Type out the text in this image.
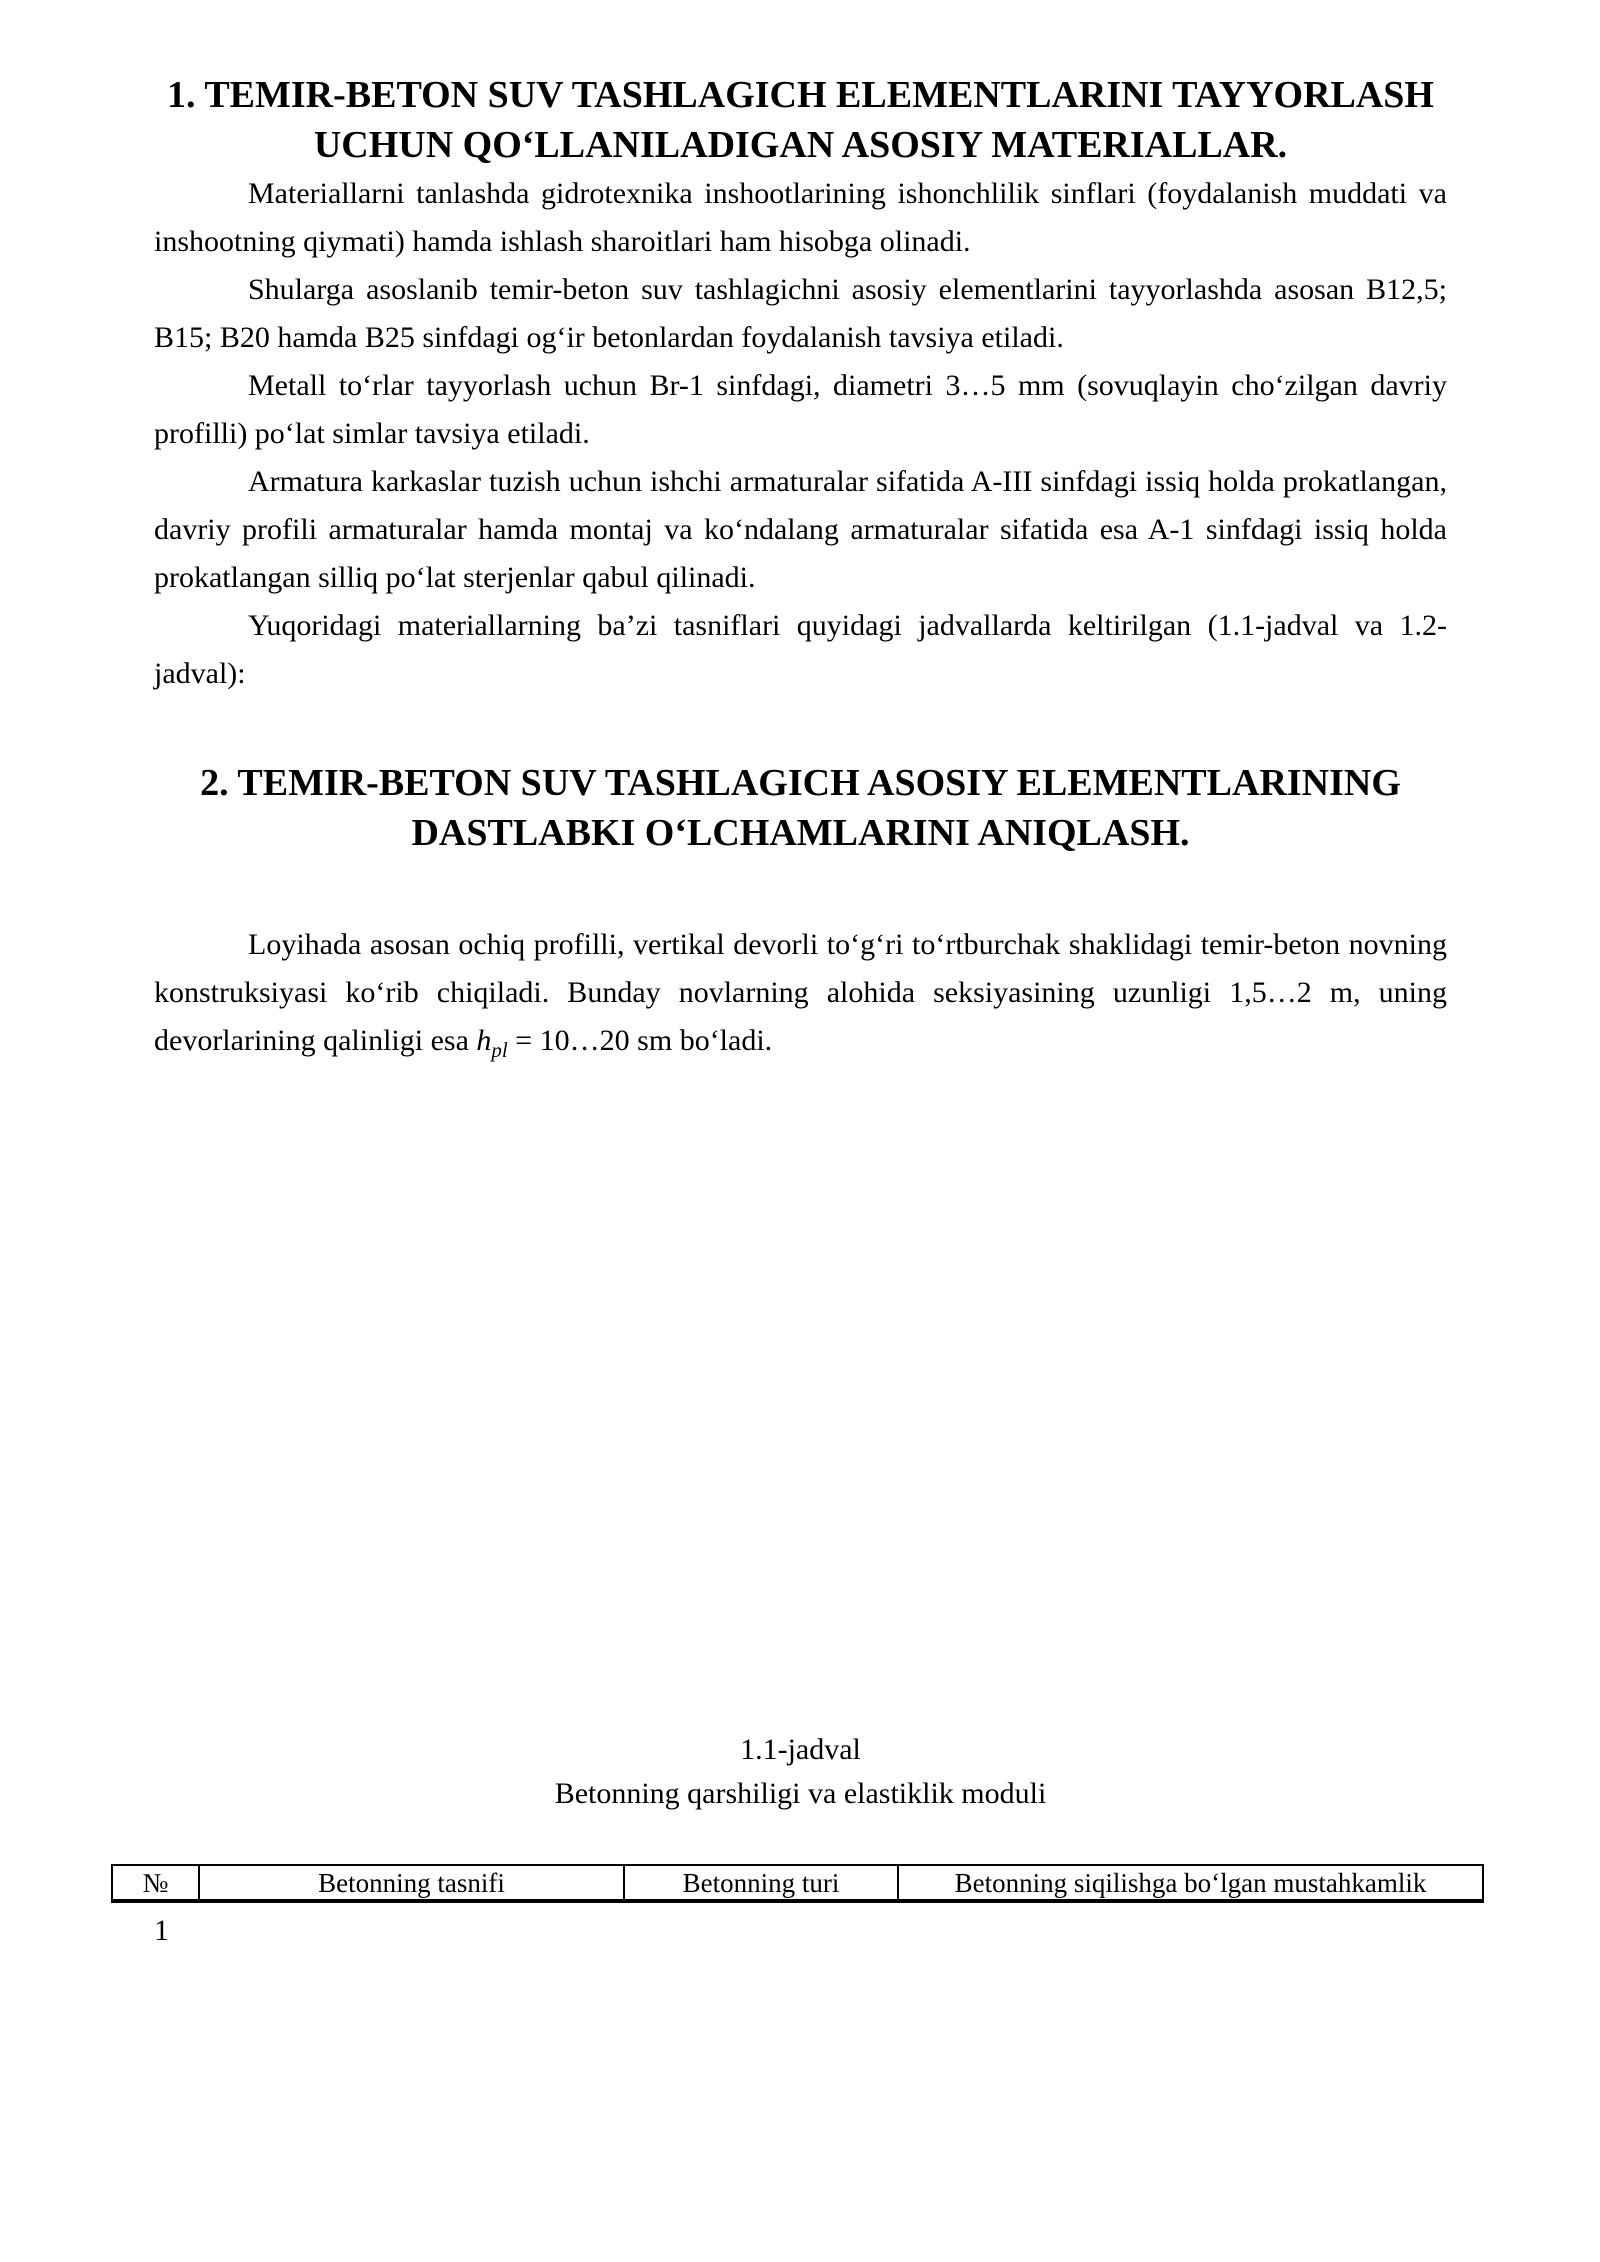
1. TEMIR-BETON SUV TASHLAGICH ELEMENTLARINI TAYYORLASH
UCHUN QO‘LLANILADIGAN ASOSIY MATERIALLAR.

Materiallarni tanlashda gidrotexnika inshootlarining ishonchlilik sinflari (foydalanish muddati va inshootning qiymati) hamda ishlash sharoitlari ham hisobga olinadi.

Shularga asoslanib temir-beton suv tashlagichni asosiy elementlarini tayyorlashda asosan B12,5; B15; B20 hamda B25 sinfdagi og‘ir betonlardan foydalanish tavsiya etiladi.

Metall to‘rlar tayyorlash uchun Br-1 sinfdagi, diametri 3…5 mm (sovuqlayin cho‘zilgan davriy profilli) po‘lat simlar tavsiya etiladi.

Armatura karkaslar tuzish uchun ishchi armaturalar sifatida A-III sinfdagi issiq holda prokatlangan, davriy profili armaturalar hamda montaj va ko‘ndalang armaturalar sifatida esa A-1 sinfdagi issiq holda prokatlangan silliq po‘lat sterjenlar qabul qilinadi.

Yuqoridagi materiallarning ba’zi tasniflari quyidagi jadvallarda keltirilgan (1.1-jadval va 1.2-jadval):

2. TEMIR-BETON SUV TASHLAGICH ASOSIY ELEMENTLARINING
DASTLABKI O‘LCHAMLARINI ANIQLASH.

Loyihada asosan ochiq profilli, vertikal devorli to‘g‘ri to‘rtburchak shaklidagi temir-beton novning konstruksiyasi ko‘rib chiqiladi. Bunday novlarning alohida seksiyasining uzunligi 1,5…2 m, uning devorlarining qalinligi esa $h_{pl}$ = 10…20 sm bo‘ladi.

1.1-jadval
Betonning qarshiligi va elastiklik moduli

№	Betonning tasnifi	Betonning turi	Betonning siqilishga bo‘lgan mustahkamlik

1
